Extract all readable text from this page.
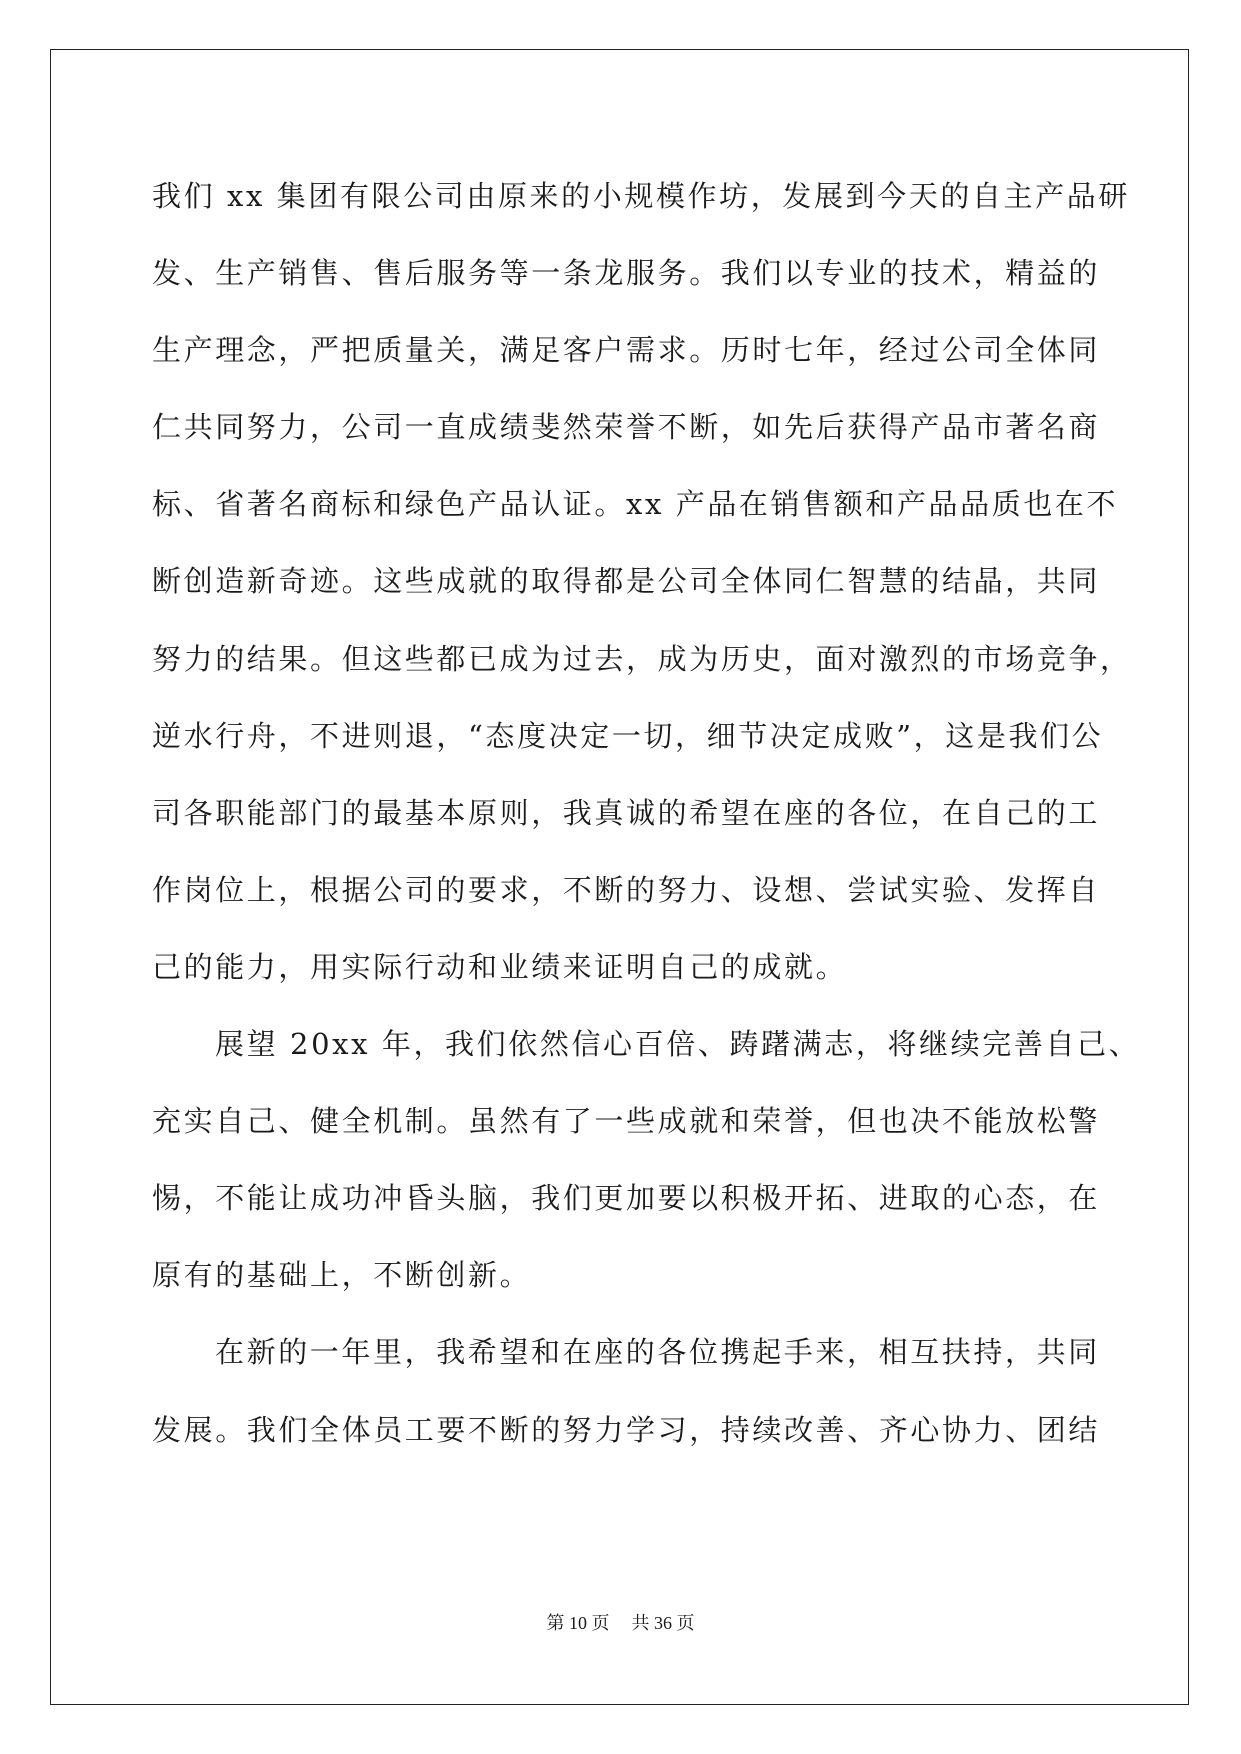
我们 xx 集团有限公司由原来的小规模作坊，发展到今天的自主产品研
发、生产销售、售后服务等一条龙服务。我们以专业的技术，精益的
生产理念，严把质量关，满足客户需求。历时七年，经过公司全体同
仁共同努力，公司一直成绩斐然荣誉不断，如先后获得产品市著名商
标、省著名商标和绿色产品认证。xx 产品在销售额和产品品质也在不
断创造新奇迹。这些成就的取得都是公司全体同仁智慧的结晶，共同
努力的结果。但这些都已成为过去，成为历史，面对激烈的市场竞争，
逆水行舟，不进则退，“态度决定一切，细节决定成败”，这是我们公
司各职能部门的最基本原则，我真诚的希望在座的各位，在自己的工
作岗位上，根据公司的要求，不断的努力、设想、尝试实验、发挥自
己的能力，用实际行动和业绩来证明自己的成就。
展望 20xx 年，我们依然信心百倍、踌躇满志，将继续完善自己、
充实自己、健全机制。虽然有了一些成就和荣誉，但也决不能放松警
惕，不能让成功冲昏头脑，我们更加要以积极开拓、进取的心态，在
原有的基础上，不断创新。
在新的一年里，我希望和在座的各位携起手来，相互扶持，共同
发展。我们全体员工要不断的努力学习，持续改善、齐心协力、团结
第 10 页 共 36 页
